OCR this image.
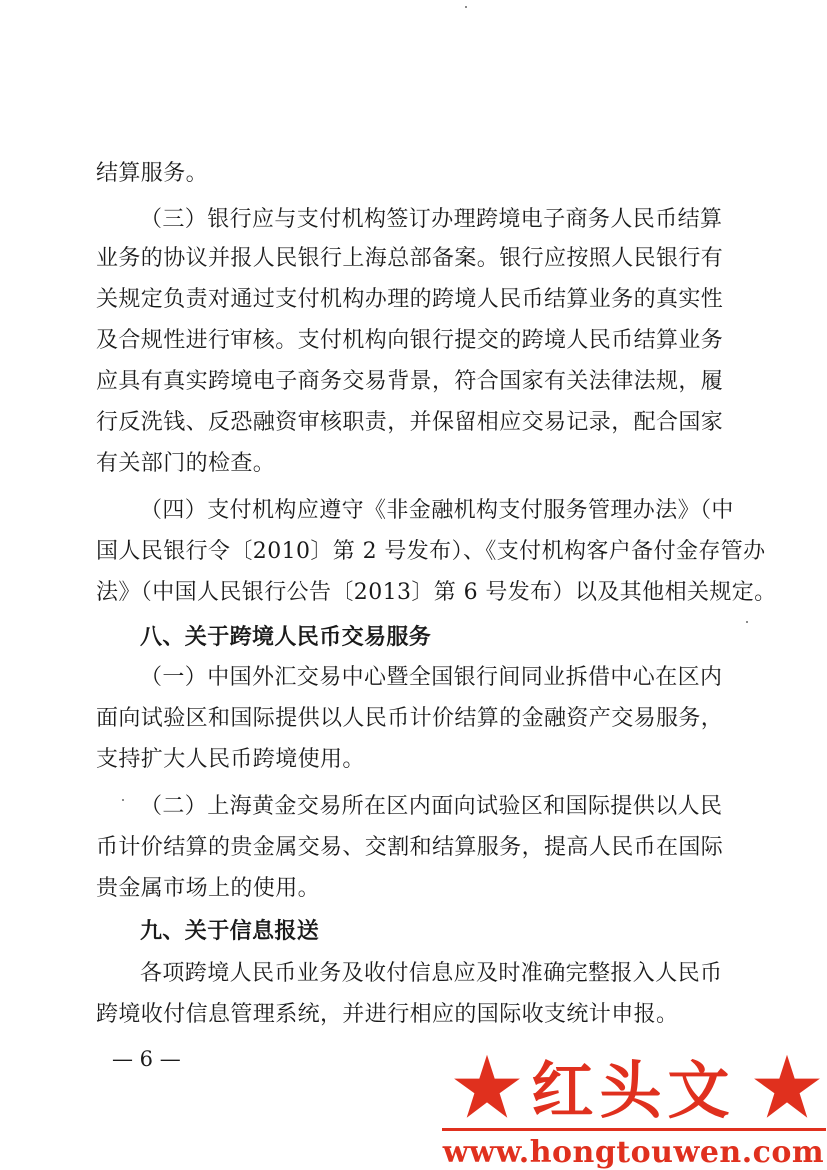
结算服务。
（三）银行应与支付机构签订办理跨境电子商务人民币结算
业务的协议并报人民银行上海总部备案。银行应按照人民银行有
关规定负责对通过支付机构办理的跨境人民币结算业务的真实性
及合规性进行审核。支付机构向银行提交的跨境人民币结算业务
应具有真实跨境电子商务交易背景，符合国家有关法律法规，履
行反洗钱、反恐融资审核职责，并保留相应交易记录，配合国家
有关部门的检查。
（四）支付机构应遵守《非金融机构支付服务管理办法》（中
国人民银行令〔2010〕第 2 号发布）、《支付机构客户备付金存管办
法》（中国人民银行公告〔2013〕第 6 号发布）以及其他相关规定。
八、关于跨境人民币交易服务
（一）中国外汇交易中心暨全国银行间同业拆借中心在区内
面向试验区和国际提供以人民币计价结算的金融资产交易服务，
支持扩大人民币跨境使用。
（二）上海黄金交易所在区内面向试验区和国际提供以人民
币计价结算的贵金属交易、交割和结算服务，提高人民币在国际
贵金属市场上的使用。
九、关于信息报送
各项跨境人民币业务及收付信息应及时准确完整报入人民币
跨境收付信息管理系统，并进行相应的国际收支统计申报。
— 6 —	红头文
www.hongtouwen.com
